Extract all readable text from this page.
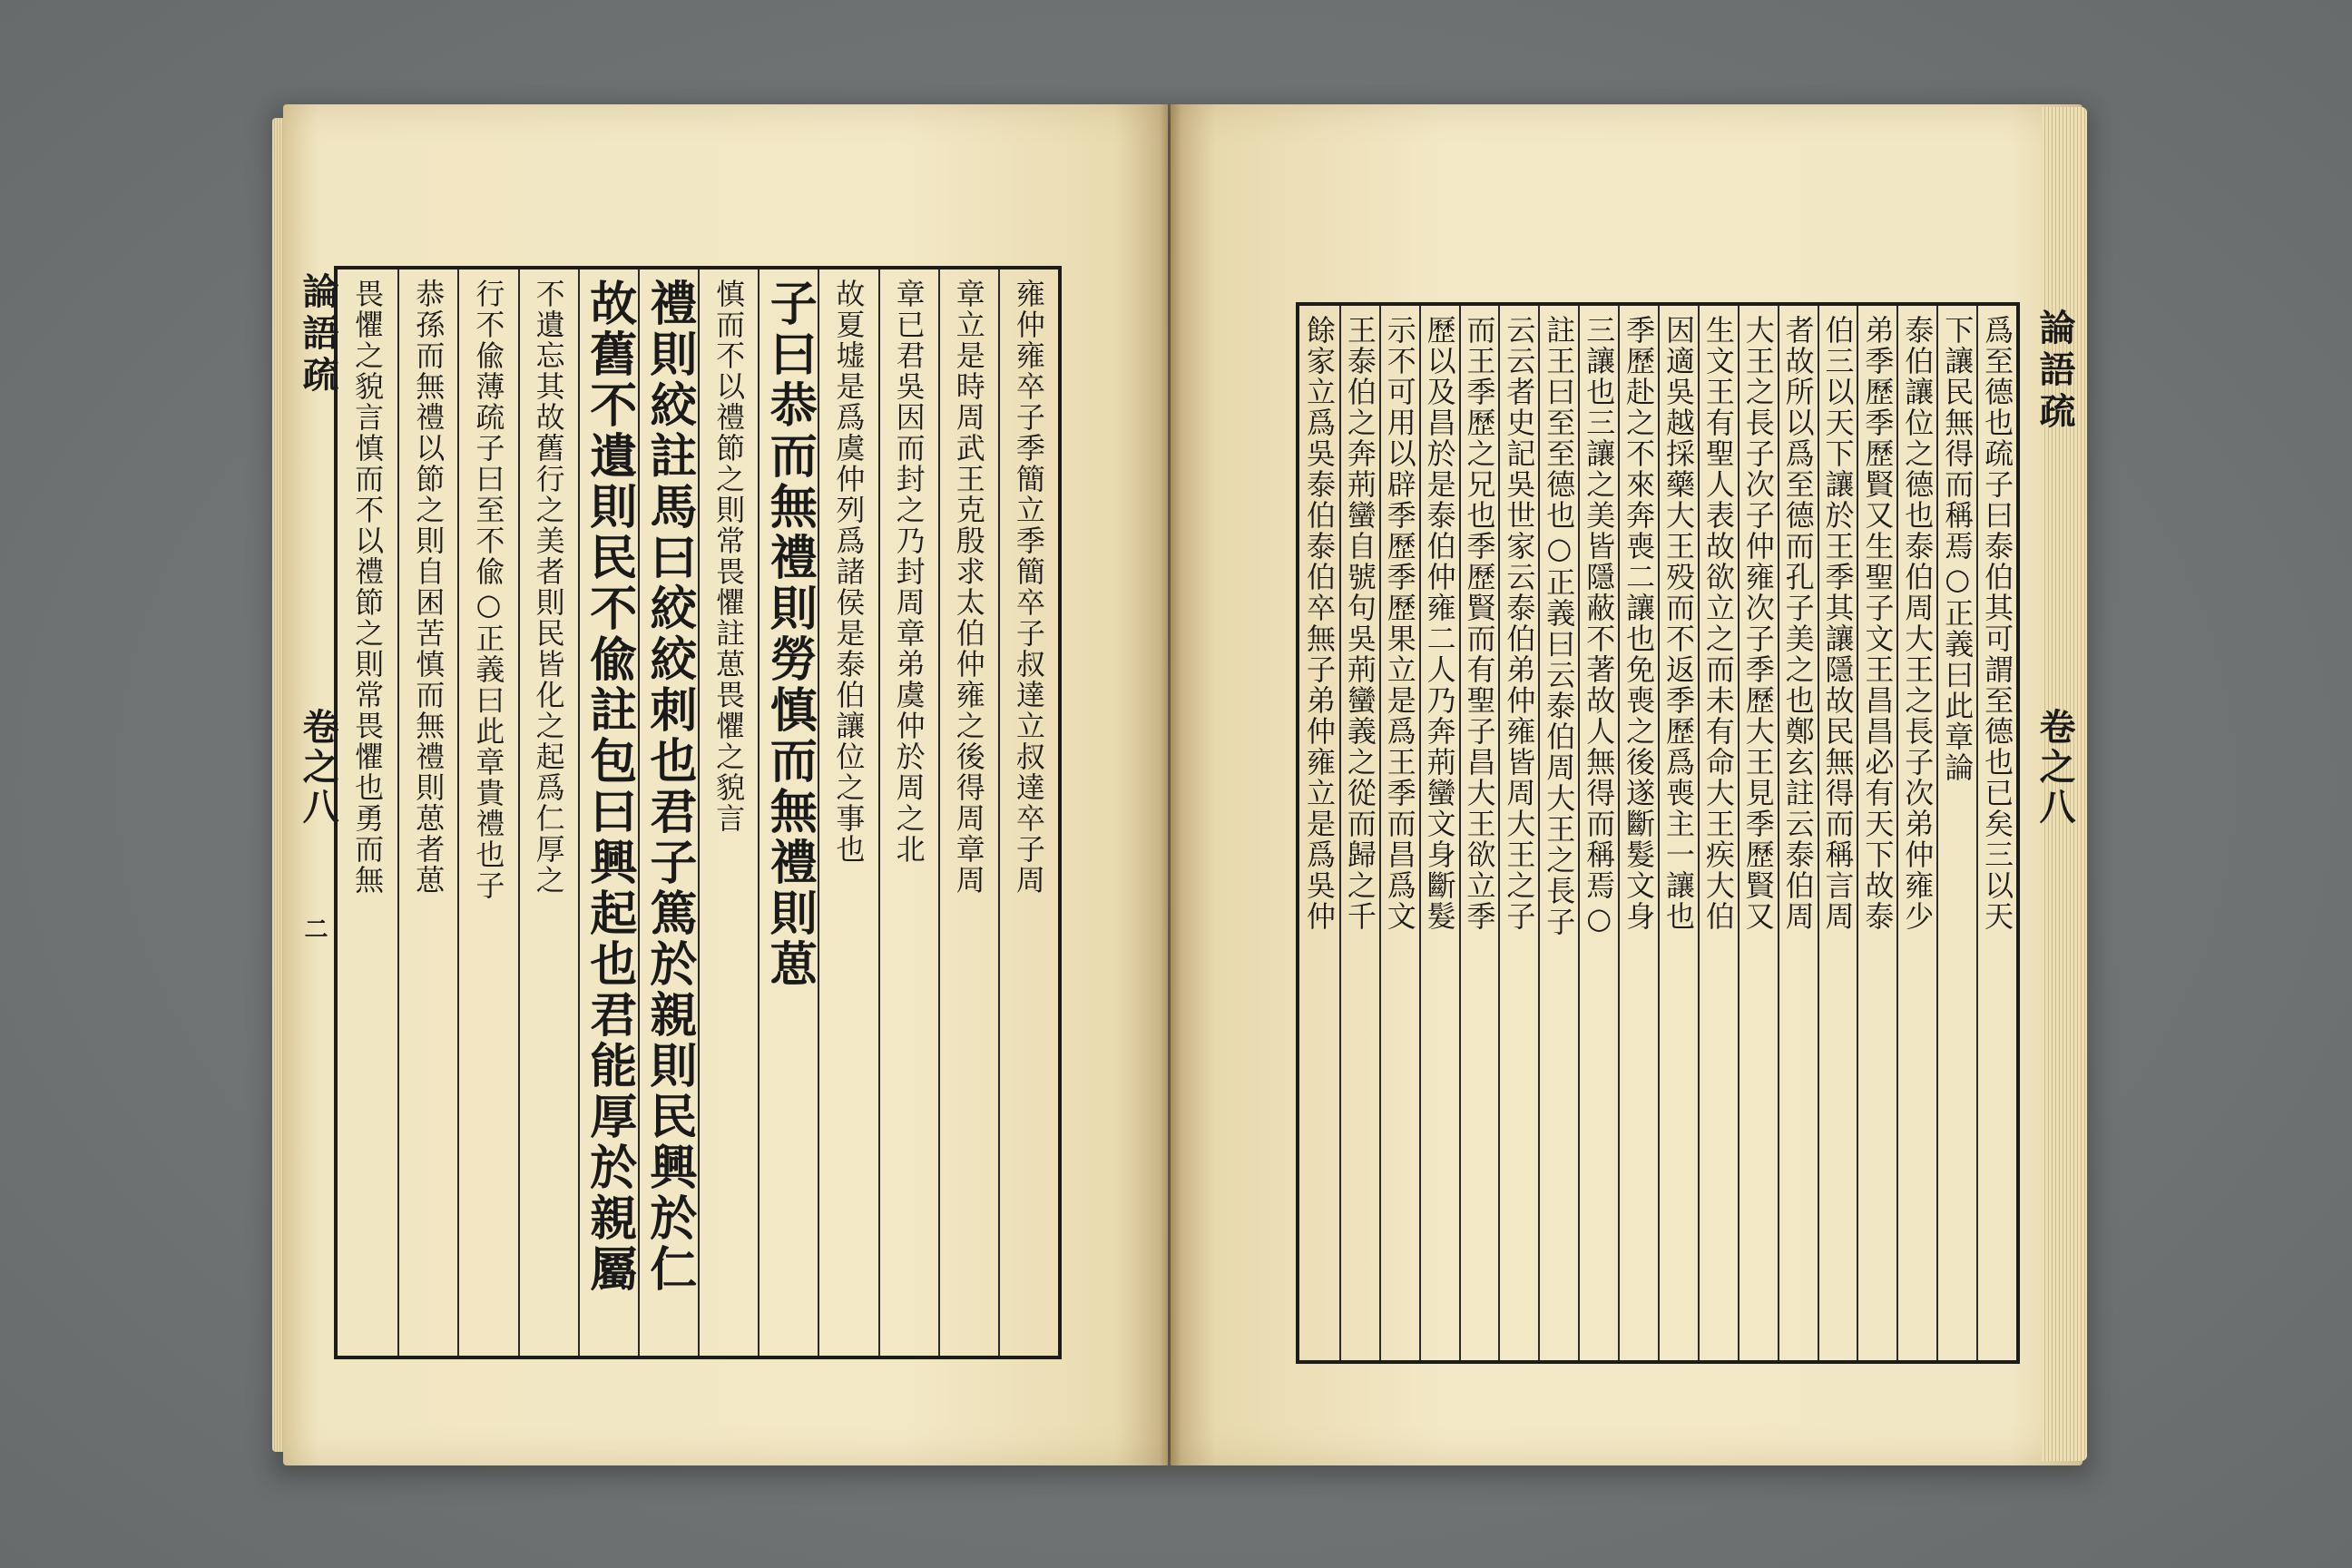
論語疏
卷之八
二
論語疏
卷之八
雍仲雍卒子季簡立季簡卒子叔達立叔達卒子周
章立是時周武王克殷求太伯仲雍之後得周章周
章已君吳因而封之乃封周章弟虞仲於周之北
故夏墟是爲虞仲列爲諸侯是泰伯讓位之事也
子曰恭而無禮則勞慎而無禮則葸
慎而不以禮節之則常畏懼註葸畏懼之貌言
禮則絞註馬曰絞絞刺也君子篤於親則民興於仁
故舊不遺則民不偸註包曰興起也君能厚於親屬
不遺忘其故舊行之美者則民皆化之起爲仁厚之
行不偸薄疏子曰至不偸○正義曰此章貴禮也子
恭孫而無禮以節之則自困苦慎而無禮則葸者葸
畏懼之貌言慎而不以禮節之則常畏懼也勇而無	爲至德也疏子曰泰伯其可謂至德也已矣三以天
下讓民無得而稱焉○正義曰此章論
泰伯讓位之德也泰伯周大王之長子次弟仲雍少
弟季歷季歷賢又生聖子文王昌昌必有天下故泰
伯三以天下讓於王季其讓隱故民無得而稱言周
者故所以爲至德而孔子美之也鄭玄註云泰伯周
大王之長子次子仲雍次子季歷大王見季歷賢又
生文王有聖人表故欲立之而未有命大王疾大伯
因適吳越採藥大王殁而不返季歷爲喪主一讓也
季歷赴之不來奔喪二讓也免喪之後遂斷髮文身
三讓也三讓之美皆隱蔽不著故人無得而稱焉○
註王曰至至德也○正義曰云泰伯周大王之長子
云云者史記吳世家云泰伯弟仲雍皆周大王之子
而王季歷之兄也季歷賢而有聖子昌大王欲立季
歷以及昌於是泰伯仲雍二人乃奔荊蠻文身斷髮
示不可用以辟季歷季歷果立是爲王季而昌爲文
王泰伯之奔荊蠻自號句吳荊蠻義之從而歸之千
餘家立爲吳泰伯泰伯卒無子弟仲雍立是爲吳仲
